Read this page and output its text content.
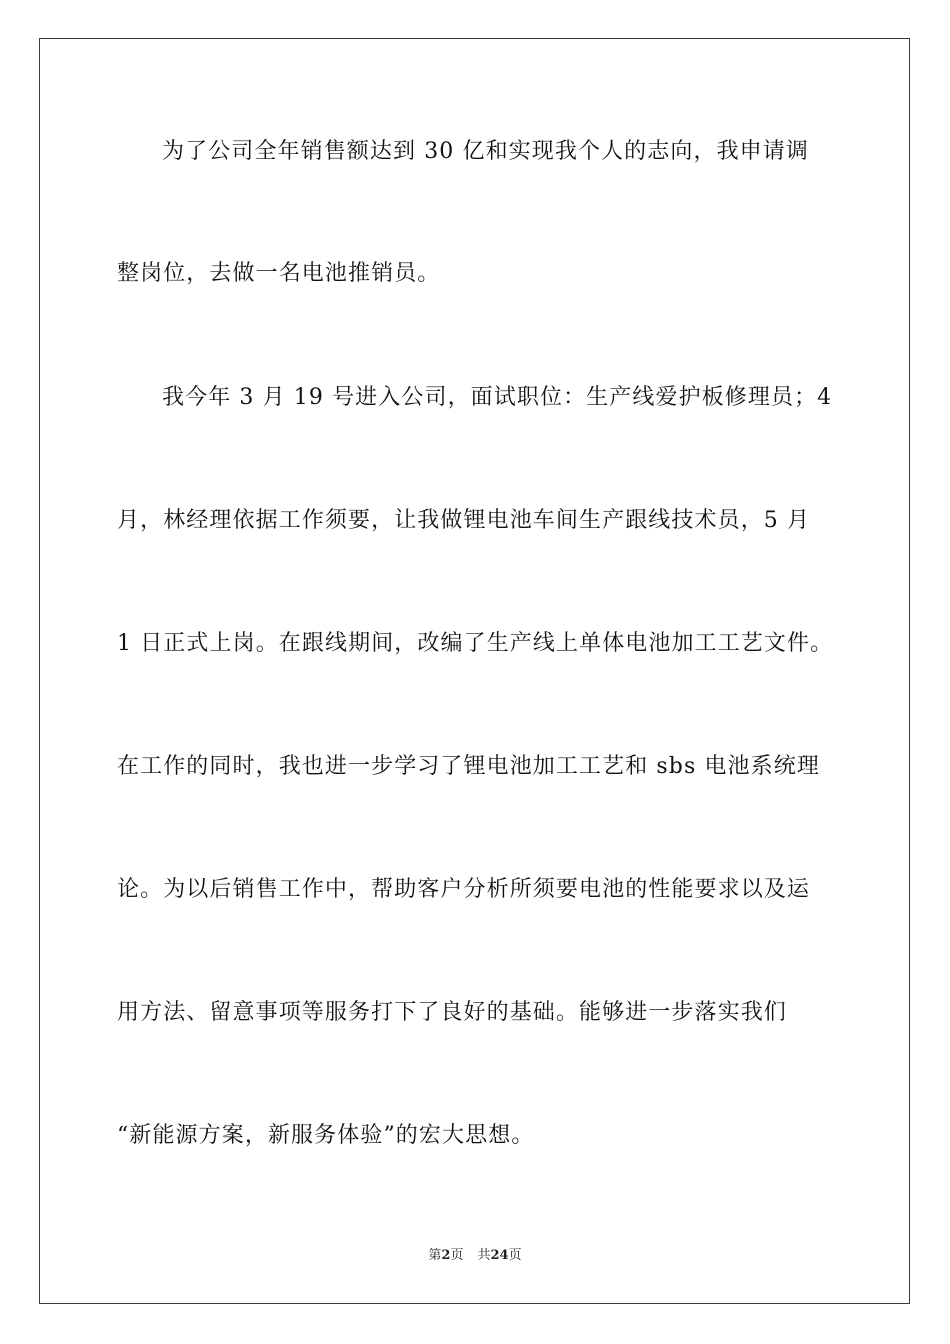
为了公司全年销售额达到 30 亿和实现我个人的志向，我申请调
整岗位，去做一名电池推销员。
我今年 3 月 19 号进入公司，面试职位：生产线爱护板修理员；4
月，林经理依据工作须要，让我做锂电池车间生产跟线技术员，5 月
1 日正式上岗。在跟线期间，改编了生产线上单体电池加工工艺文件。
在工作的同时，我也进一步学习了锂电池加工工艺和 sbs 电池系统理
论。为以后销售工作中，帮助客户分析所须要电池的性能要求以及运
用方法、留意事项等服务打下了良好的基础。能够进一步落实我们
“新能源方案，新服务体验”的宏大思想。
第2页 共24页
